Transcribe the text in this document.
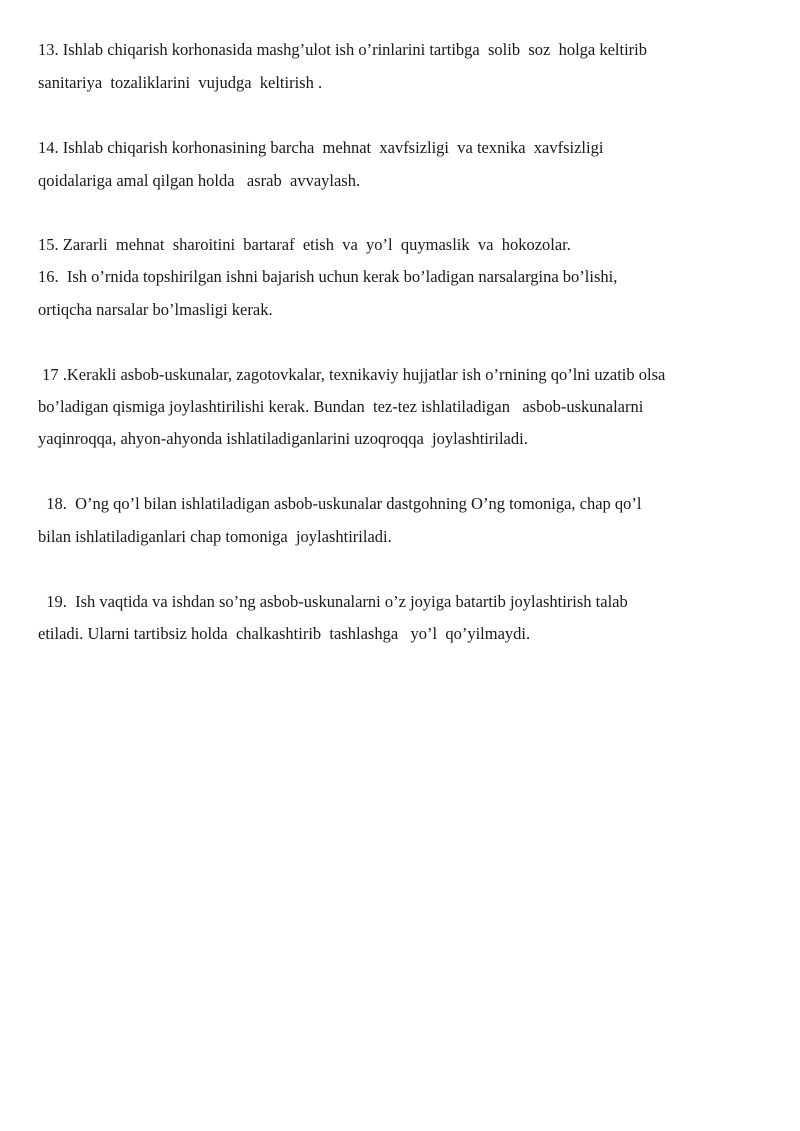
13. Ishlab chiqarish korhonasida mashg’ulot ish o’rinlarini tartibga  solib  soz  holga keltirib
sanitariya  tozaliklarini  vujudga  keltirish .
14. Ishlab chiqarish korhonasining barcha  mehnat  xavfsizligi  va texnika  xavfsizligi
qoidalariga amal qilgan holda   asrab  avvaylash.
15. Zararli  mehnat  sharoitini  bartaraf  etish  va  yo’l  quymaslik  va  hokozolar.
16.  Ish o’rnida topshirilgan ishni bajarish uchun kerak bo’ladigan narsalargina bo’lishi,
ortiqcha narsalar bo’lmasligi kerak.
17 .Kerakli asbob-uskunalar, zagotovkalar, texnikaviy hujjatlar ish o’rnining qo’lni uzatib olsa
bo’ladigan qismiga joylashtirilishi kerak. Bundan  tez-tez ishlatiladigan   asbob-uskunalarni
yaqinroqqa, ahyon-ahyonda ishlatiladiganlarini uzoqroqqa  joylashtiriladi.
18.  O’ng qo’l bilan ishlatiladigan asbob-uskunalar dastgohning O’ng tomoniga, chap qo’l
bilan ishlatiladiganlari chap tomoniga  joylashtiriladi.
19.  Ish vaqtida va ishdan so’ng asbob-uskunalarni o’z joyiga batartib joylashtirish talab
etiladi. Ularni tartibsiz holda  chalkashtirib  tashlashga   yo’l  qo’yilmaydi.
